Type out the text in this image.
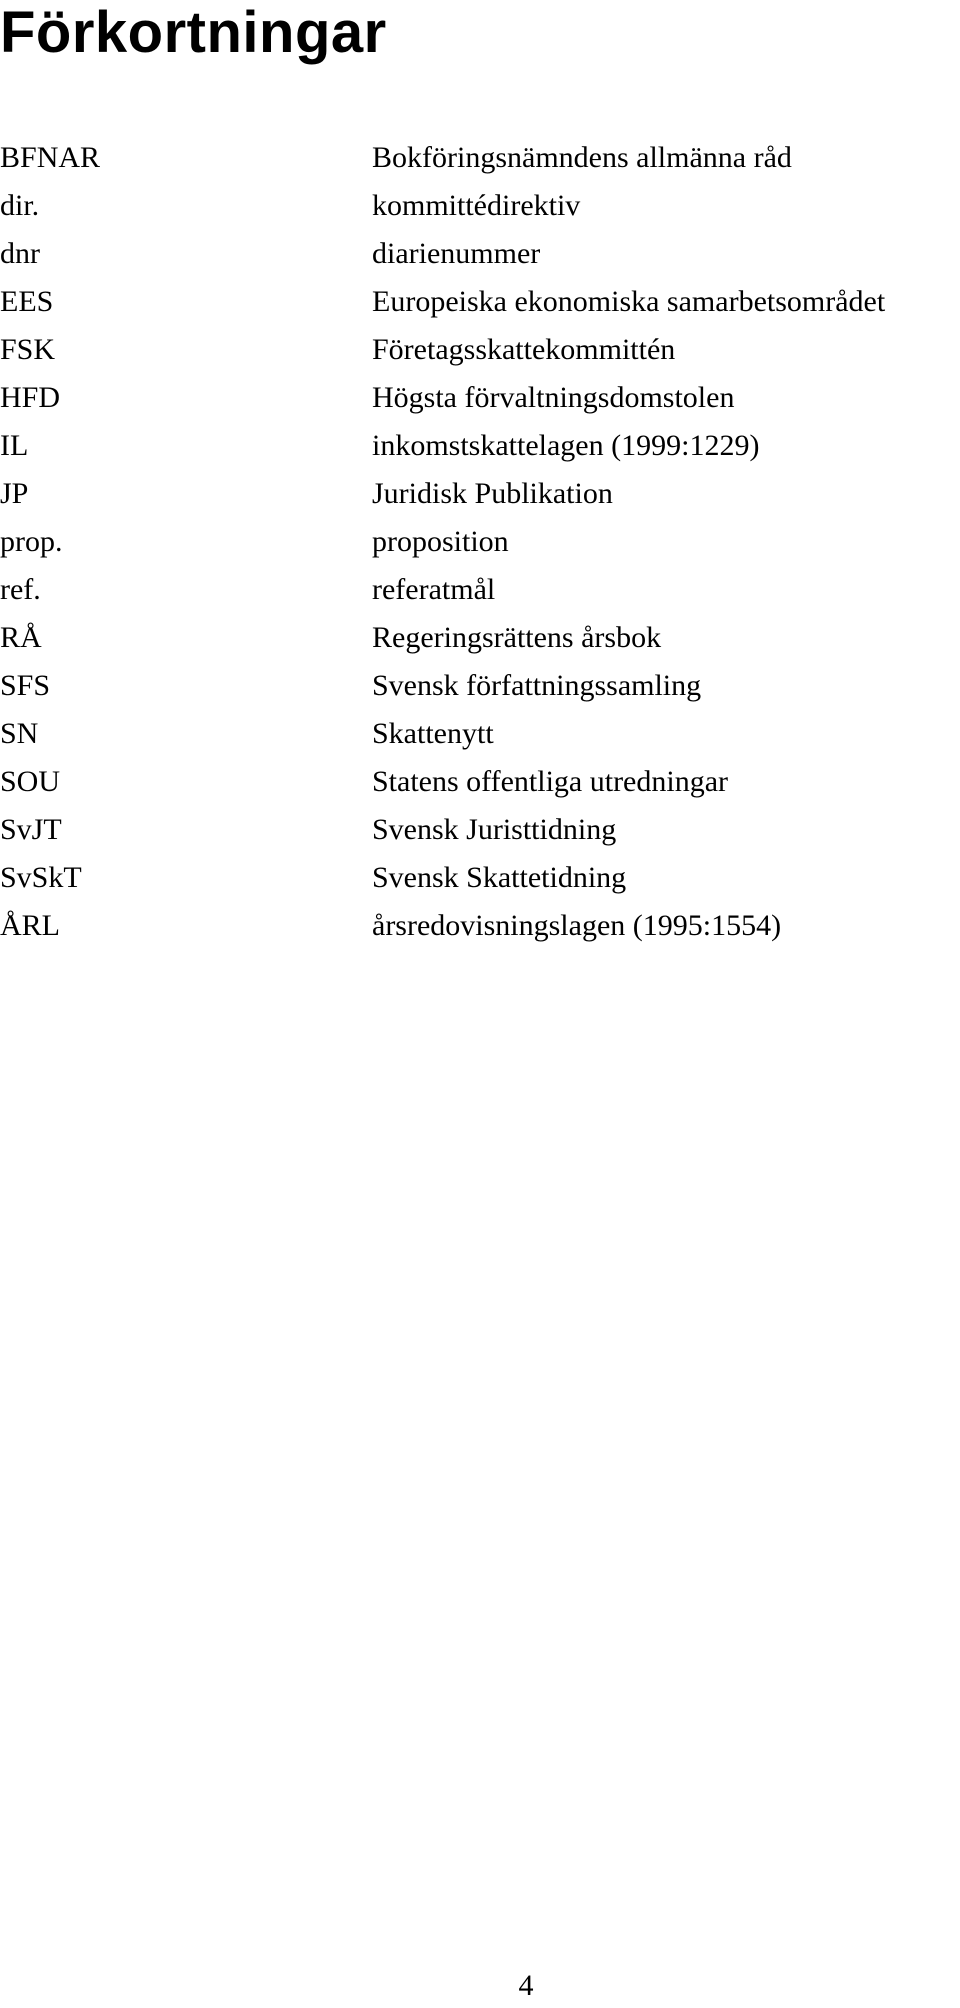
Förkortningar
BFNAR	Bokföringsnämndens allmänna råd
dir.	kommittédirektiv
dnr	diarienummer
EES	Europeiska ekonomiska samarbetsområdet
FSK	Företagsskattekommittén
HFD	Högsta förvaltningsdomstolen
IL	inkomstskattelagen (1999:1229)
JP	Juridisk Publikation
prop.	proposition
ref.	referatmål
RÅ	Regeringsrättens årsbok
SFS	Svensk författningssamling
SN	Skattenytt
SOU	Statens offentliga utredningar
SvJT	Svensk Juristtidning
SvSkT	Svensk Skattetidning
ÅRL	årsredovisningslagen (1995:1554)
4
